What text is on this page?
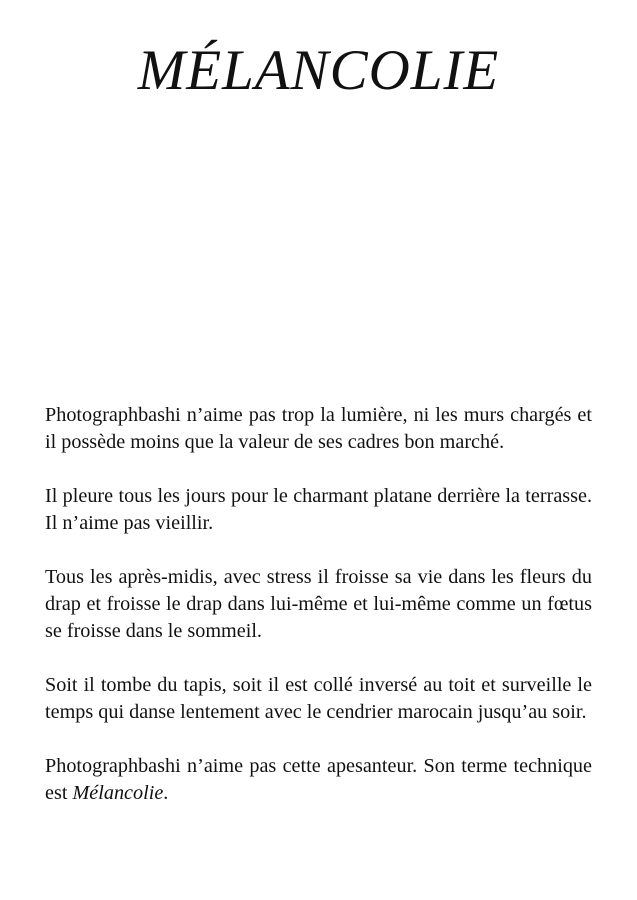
MÉLANCOLIE

Photographbashi n’aime pas trop la lumière, ni les murs chargés et il possède moins que la valeur de ses cadres bon marché.

Il pleure tous les jours pour le charmant platane derrière la terrasse. Il n’aime pas vieillir.

Tous les après-midis, avec stress il froisse sa vie dans les fleurs du drap et froisse le drap dans lui-même et lui-même comme un fœtus se froisse dans le sommeil.

Soit il tombe du tapis, soit il est collé inversé au toit et surveille le temps qui danse lentement avec le cendrier marocain jusqu’au soir.

Photographbashi n’aime pas cette apesanteur. Son terme technique est Mélancolie.
